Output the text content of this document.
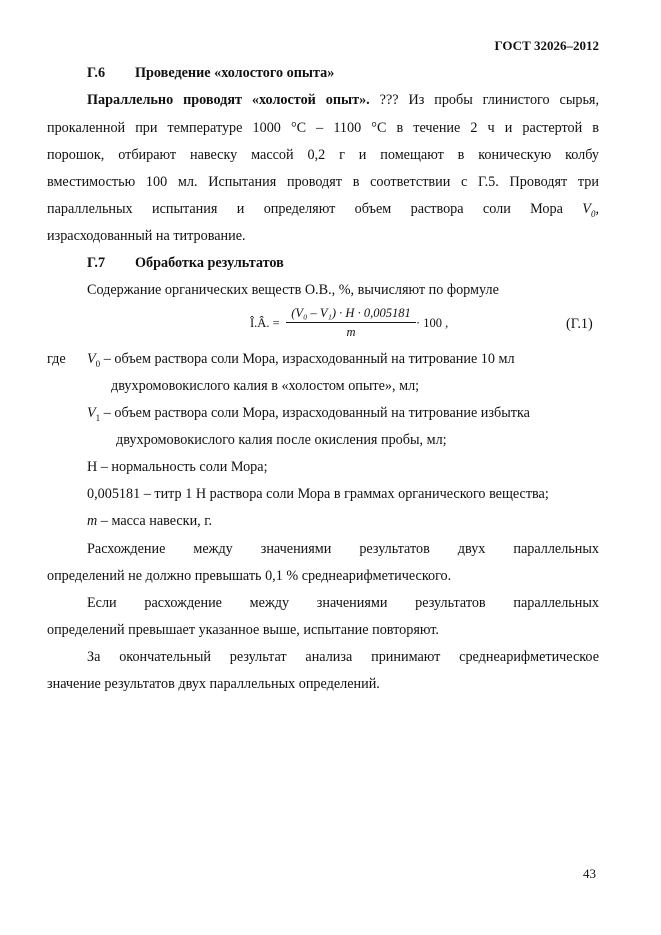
ГОСТ 32026–2012
Г.6 Проведение «холостого опыта»
Параллельно проводят «холостой опыт». ??? Из пробы глинистого сырья,
прокаленной при температуре 1000 °С – 1100 °С в течение 2 ч и растертой в
порошок, отбирают навеску массой 0,2 г и помещают в коническую колбу
вместимостью 100 мл. Испытания проводят в соответствии с Г.5. Проводят три
параллельных испытания и определяют объем раствора соли Мора $V_0$,
израсходованный на титрование.
Г.7 Обработка результатов
Содержание органических веществ О.В., %, вычисляют по формуле
Î.Â. =
(V₀ – V₁) · Н · 0,005181
m
· 100 ,	(Г.1)
где $V_0$ – объем раствора соли Мора, израсходованный на титрование 10 мл
двухромовокислого калия в «холостом опыте», мл;
$V_1$ – объем раствора соли Мора, израсходованный на титрование избытка
двухромовокислого калия после окисления пробы, мл;
Н – нормальность соли Мора;
0,005181 – титр 1 Н раствора соли Мора в граммах органического вещества;
m – масса навески, г.
Расхождение между значениями результатов двух параллельных
определений не должно превышать 0,1 % среднеарифметического.
Если расхождение между значениями результатов параллельных
определений превышает указанное выше, испытание повторяют.
За окончательный результат анализа принимают среднеарифметическое
значение результатов двух параллельных определений.
43
